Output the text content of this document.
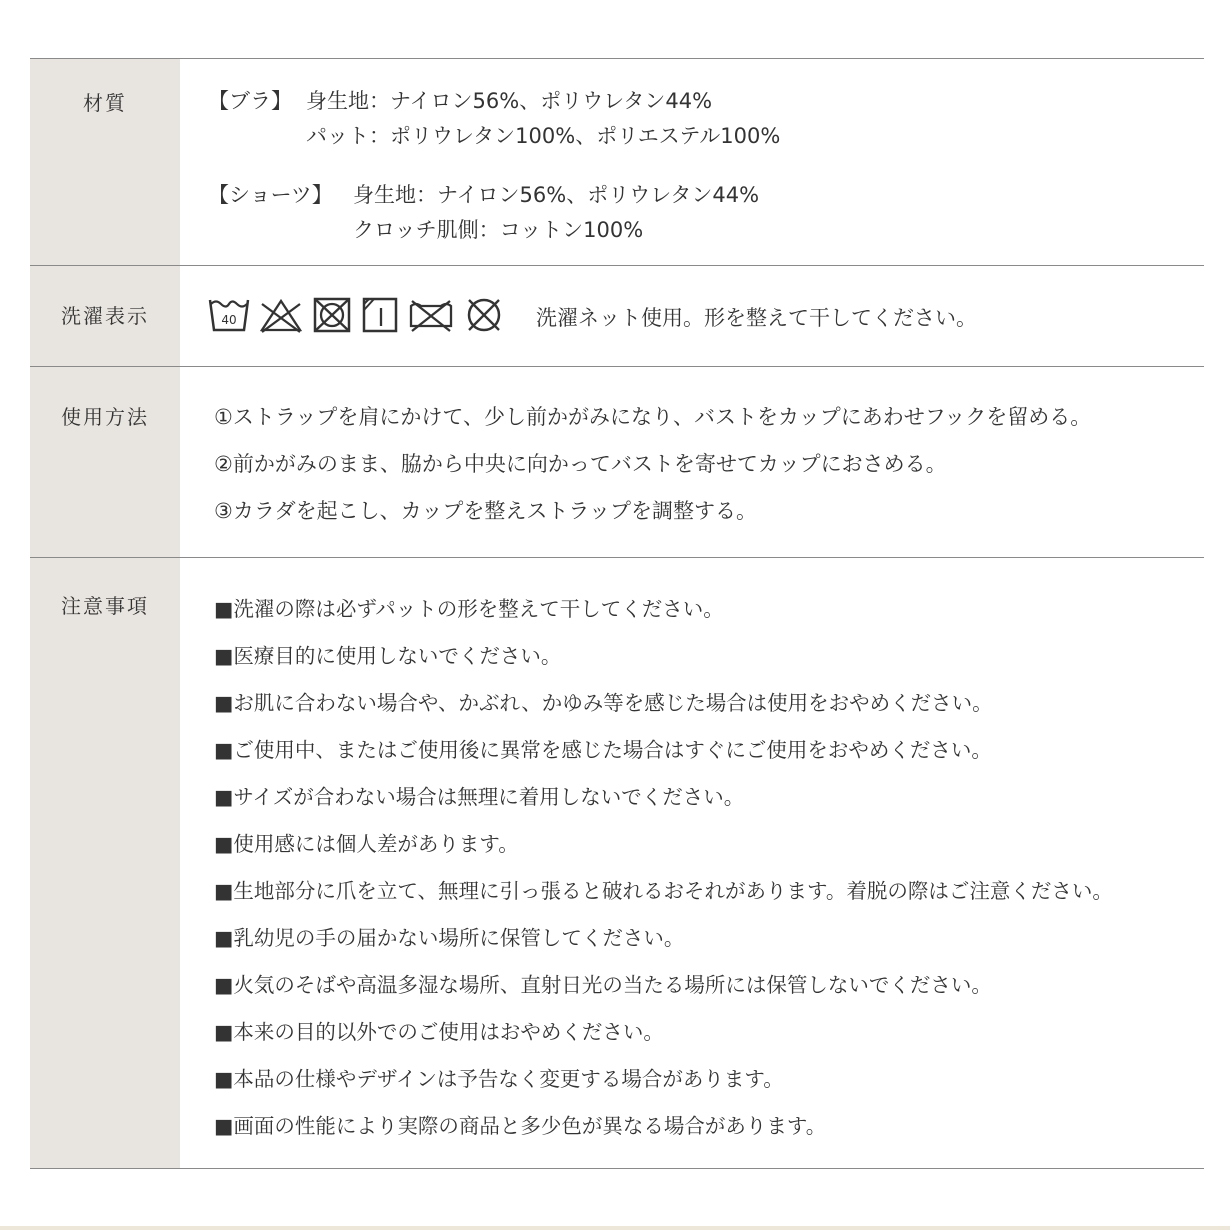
材質	【ブラ】 身生地：ナイロン56%、ポリウレタン44%
パット：ポリウレタン100%、ポリエステル100%
【ショーツ】 身生地：ナイロン56%、ポリウレタン44%
クロッチ肌側：コットン100%
洗濯表示	40	洗濯ネット使用。形を整えて干してください。
使用方法	①ストラップを肩にかけて、少し前かがみになり、バストをカップにあわせフックを留める。
②前かがみのまま、脇から中央に向かってバストを寄せてカップにおさめる。
③カラダを起こし、カップを整えストラップを調整する。
注意事項	■洗濯の際は必ずパットの形を整えて干してください。
■医療目的に使用しないでください。
■お肌に合わない場合や、かぶれ、かゆみ等を感じた場合は使用をおやめください。
■ご使用中、またはご使用後に異常を感じた場合はすぐにご使用をおやめください。
■サイズが合わない場合は無理に着用しないでください。
■使用感には個人差があります。
■生地部分に爪を立て、無理に引っ張ると破れるおそれがあります。着脱の際はご注意ください。
■乳幼児の手の届かない場所に保管してください。
■火気のそばや高温多湿な場所、直射日光の当たる場所には保管しないでください。
■本来の目的以外でのご使用はおやめください。
■本品の仕様やデザインは予告なく変更する場合があります。
■画面の性能により実際の商品と多少色が異なる場合があります。
